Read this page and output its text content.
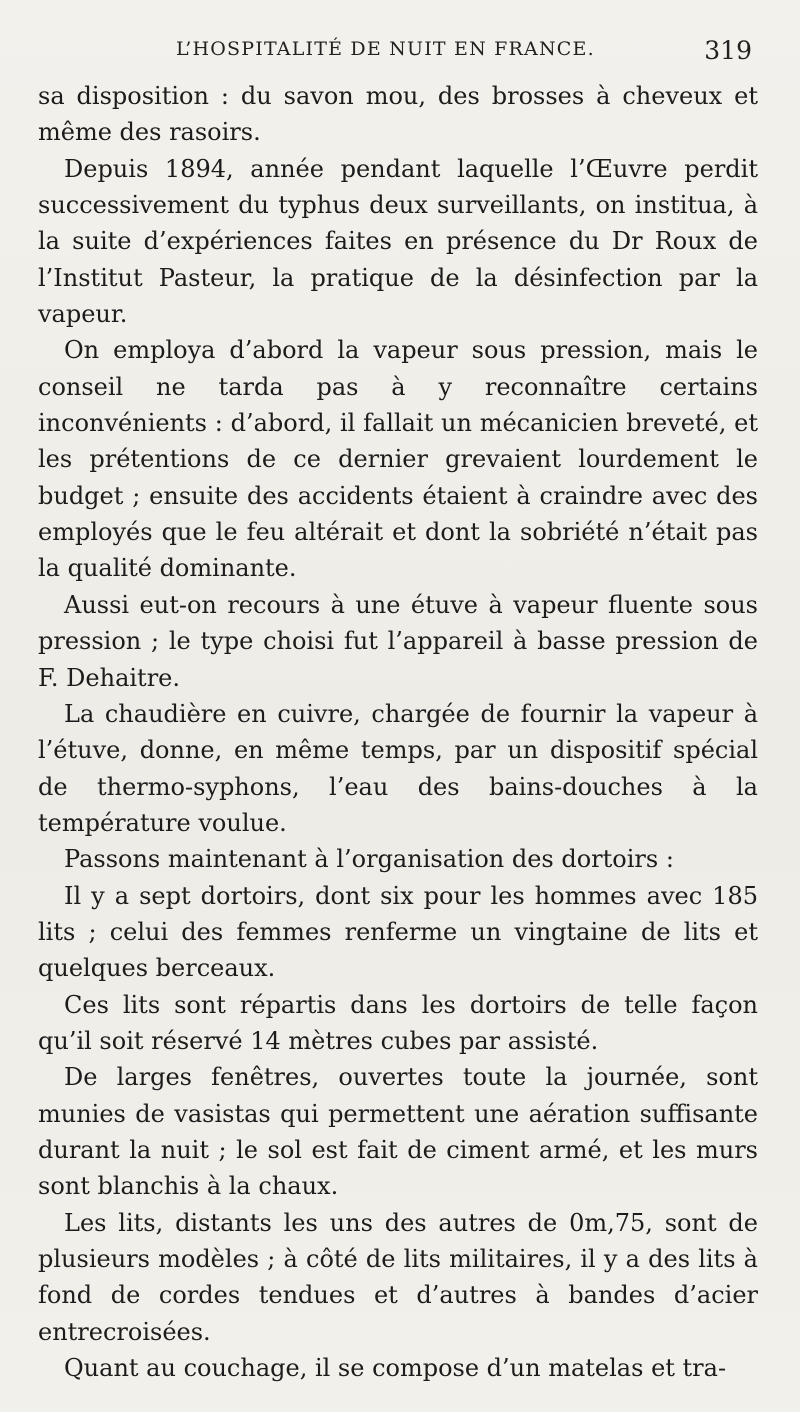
L’HOSPITALITÉ DE NUIT EN FRANCE.	319

sa disposition : du savon mou, des brosses à cheveux et même des rasoirs.

Depuis 1894, année pendant laquelle l’Œuvre perdit successivement du typhus deux surveillants, on institua, à la suite d’expériences faites en présence du Dr Roux de l’Institut Pasteur, la pratique de la désinfection par la vapeur.

On employa d’abord la vapeur sous pression, mais le conseil ne tarda pas à y reconnaître certains inconvénients : d’abord, il fallait un mécanicien breveté, et les prétentions de ce dernier grevaient lourdement le budget ; ensuite des accidents étaient à craindre avec des employés que le feu altérait et dont la sobriété n’était pas la qualité dominante.

Aussi eut-on recours à une étuve à vapeur fluente sous pression ; le type choisi fut l’appareil à basse pression de F. Dehaitre.

La chaudière en cuivre, chargée de fournir la vapeur à l’étuve, donne, en même temps, par un dispositif spécial de thermo-syphons, l’eau des bains-douches à la température voulue.

Passons maintenant à l’organisation des dortoirs :

Il y a sept dortoirs, dont six pour les hommes avec 185 lits ; celui des femmes renferme un vingtaine de lits et quelques berceaux.

Ces lits sont répartis dans les dortoirs de telle façon qu’il soit réservé 14 mètres cubes par assisté.

De larges fenêtres, ouvertes toute la journée, sont munies de vasistas qui permettent une aération suffisante durant la nuit ; le sol est fait de ciment armé, et les murs sont blanchis à la chaux.

Les lits, distants les uns des autres de 0m,75, sont de plusieurs modèles ; à côté de lits militaires, il y a des lits à fond de cordes tendues et d’autres à bandes d’acier entrecroisées.

Quant au couchage, il se compose d’un matelas et tra-
